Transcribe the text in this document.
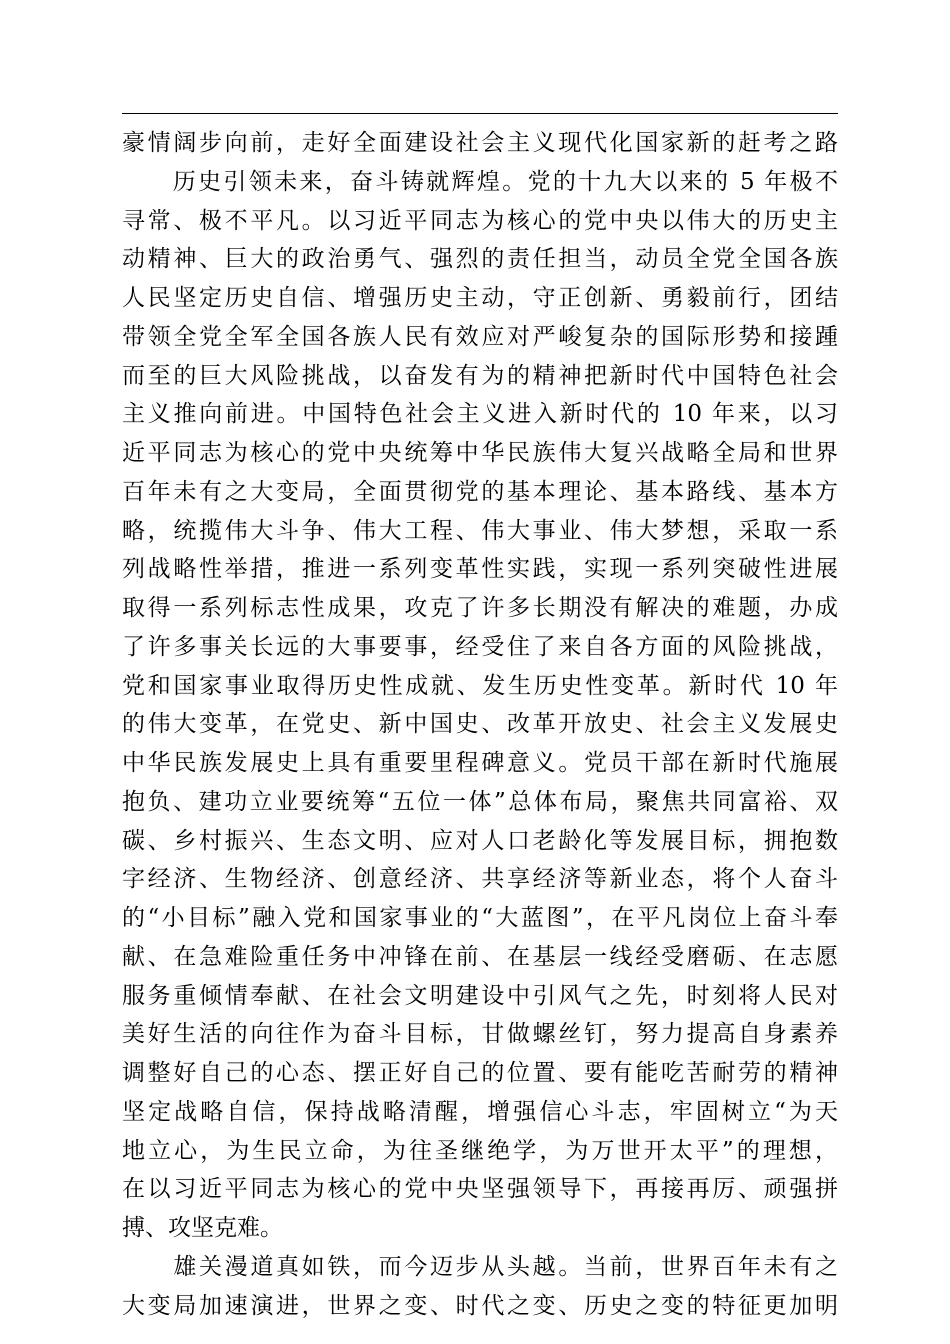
豪情阔步向前，走好全面建设社会主义现代化国家新的赶考之路
　　历史引领未来，奋斗铸就辉煌。党的十九大以来的 5 年极不
寻常、极不平凡。以习近平同志为核心的党中央以伟大的历史主
动精神、巨大的政治勇气、强烈的责任担当，动员全党全国各族
人民坚定历史自信、增强历史主动，守正创新、勇毅前行，团结
带领全党全军全国各族人民有效应对严峻复杂的国际形势和接踵
而至的巨大风险挑战，以奋发有为的精神把新时代中国特色社会
主义推向前进。中国特色社会主义进入新时代的 10 年来，以习
近平同志为核心的党中央统筹中华民族伟大复兴战略全局和世界
百年未有之大变局，全面贯彻党的基本理论、基本路线、基本方
略，统揽伟大斗争、伟大工程、伟大事业、伟大梦想，采取一系
列战略性举措，推进一系列变革性实践，实现一系列突破性进展
取得一系列标志性成果，攻克了许多长期没有解决的难题，办成
了许多事关长远的大事要事，经受住了来自各方面的风险挑战，
党和国家事业取得历史性成就、发生历史性变革。新时代 10 年
的伟大变革，在党史、新中国史、改革开放史、社会主义发展史
中华民族发展史上具有重要里程碑意义。党员干部在新时代施展
抱负、建功立业要统筹“五位一体”总体布局，聚焦共同富裕、双
碳、乡村振兴、生态文明、应对人口老龄化等发展目标，拥抱数
字经济、生物经济、创意经济、共享经济等新业态，将个人奋斗
的“小目标”融入党和国家事业的“大蓝图”，在平凡岗位上奋斗奉
献、在急难险重任务中冲锋在前、在基层一线经受磨砺、在志愿
服务重倾情奉献、在社会文明建设中引风气之先，时刻将人民对
美好生活的向往作为奋斗目标，甘做螺丝钉，努力提高自身素养
调整好自己的心态、摆正好自己的位置、要有能吃苦耐劳的精神
坚定战略自信，保持战略清醒，增强信心斗志，牢固树立“为天
地立心，为生民立命，为往圣继绝学，为万世开太平”的理想，
在以习近平同志为核心的党中央坚强领导下，再接再厉、顽强拼
搏、攻坚克难。
　　雄关漫道真如铁，而今迈步从头越。当前，世界百年未有之
大变局加速演进，世界之变、时代之变、历史之变的特征更加明
